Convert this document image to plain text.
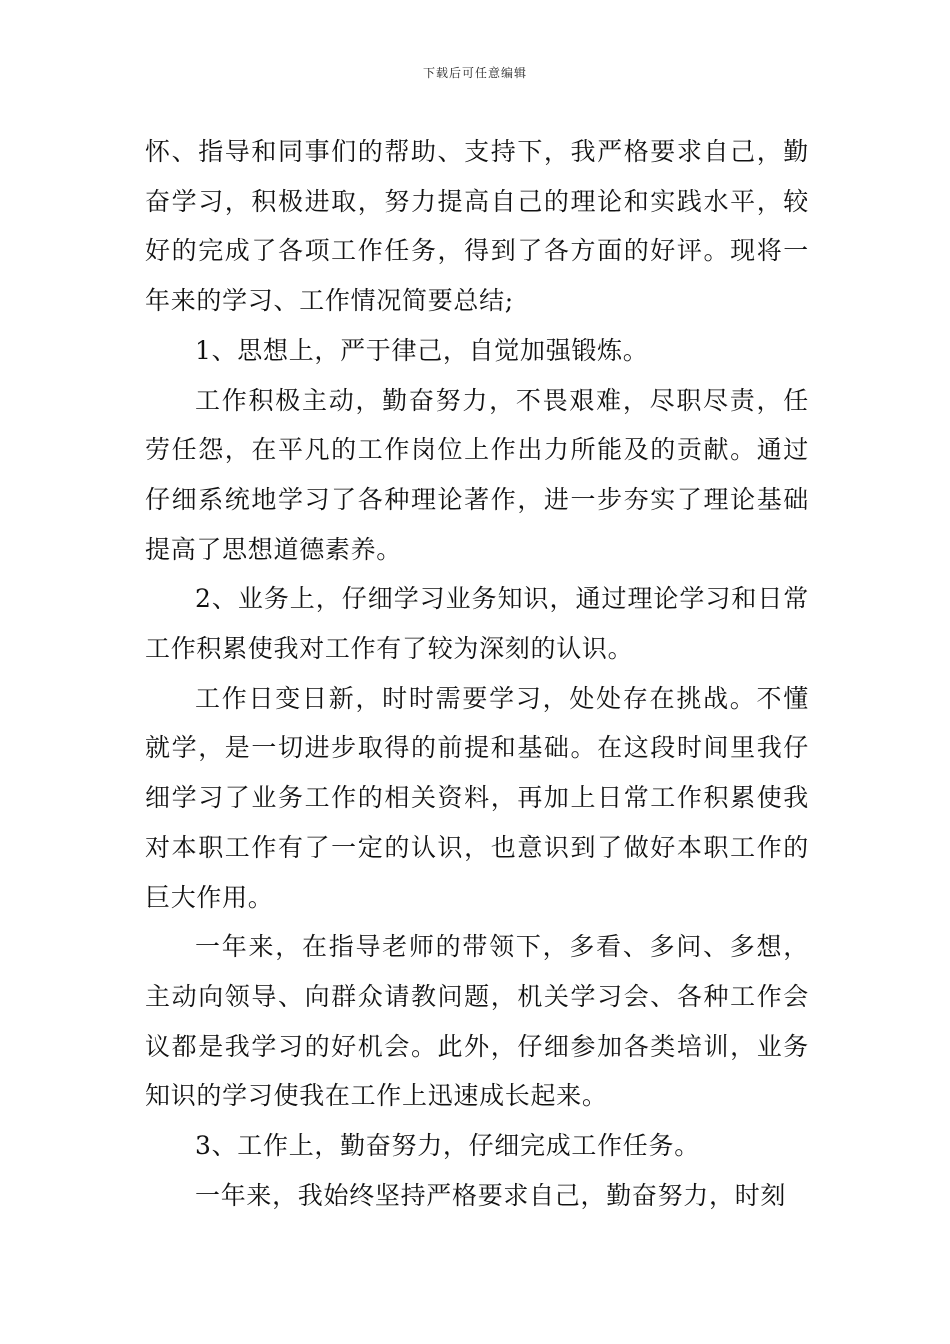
下载后可任意编辑

怀、指导和同事们的帮助、支持下，我严格要求自己，勤奋学习，积极进取，努力提高自己的理论和实践水平，较好的完成了各项工作任务，得到了各方面的好评。现将一年来的学习、工作情况简要总结;

1、思想上，严于律己，自觉加强锻炼。

工作积极主动，勤奋努力，不畏艰难，尽职尽责，任劳任怨，在平凡的工作岗位上作出力所能及的贡献。通过仔细系统地学习了各种理论著作，进一步夯实了理论基础提高了思想道德素养。

2、业务上，仔细学习业务知识，通过理论学习和日常工作积累使我对工作有了较为深刻的认识。

工作日变日新，时时需要学习，处处存在挑战。不懂就学，是一切进步取得的前提和基础。在这段时间里我仔细学习了业务工作的相关资料，再加上日常工作积累使我对本职工作有了一定的认识，也意识到了做好本职工作的巨大作用。

一年来，在指导老师的带领下，多看、多问、多想，主动向领导、向群众请教问题，机关学习会、各种工作会议都是我学习的好机会。此外，仔细参加各类培训，业务知识的学习使我在工作上迅速成长起来。

3、工作上，勤奋努力，仔细完成工作任务。

一年来，我始终坚持严格要求自己，勤奋努力，时刻
